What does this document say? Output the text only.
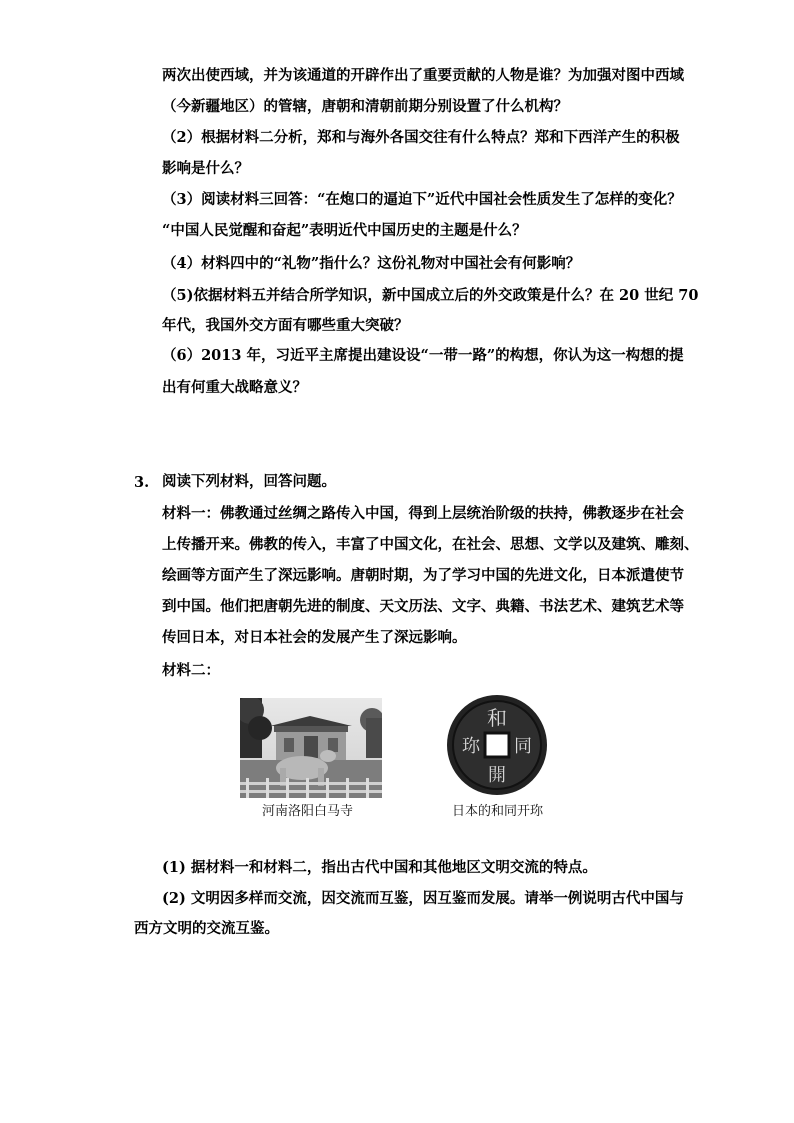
两次出使西域，并为该通道的开辟作出了重要贡献的人物是谁？为加强对图中西域
（今新疆地区）的管辖，唐朝和清朝前期分别设置了什么机构？
（2）根据材料二分析，郑和与海外各国交往有什么特点？郑和下西洋产生的积极
影响是什么？
（3）阅读材料三回答：“在炮口的逼迫下”近代中国社会性质发生了怎样的变化？
“中国人民觉醒和奋起”表明近代中国历史的主题是什么？
（4）材料四中的“礼物”指什么？这份礼物对中国社会有何影响？
（5)依据材料五并结合所学知识，新中国成立后的外交政策是什么？在 20 世纪 70
年代，我国外交方面有哪些重大突破？
（6）2013 年，习近平主席提出建设设“一带一路”的构想，你认为这一构想的提
出有何重大战略意义？
3. 阅读下列材料，回答问题。
材料一：佛教通过丝绸之路传入中国，得到上层统治阶级的扶持，佛教逐步在社会
上传播开来。佛教的传入，丰富了中国文化，在社会、思想、文学以及建筑、雕刻、
绘画等方面产生了深远影响。唐朝时期，为了学习中国的先进文化，日本派遣使节
到中国。他们把唐朝先进的制度、天文历法、文字、典籍、书法艺术、建筑艺术等
传回日本，对日本社会的发展产生了深远影响。
材料二：
和
同
開
珎
河南洛阳白马寺	日本的和同开珎
(1) 据材料一和材料二，指出古代中国和其他地区文明交流的特点。
(2) 文明因多样而交流，因交流而互鉴，因互鉴而发展。请举一例说明古代中国与
西方文明的交流互鉴。
